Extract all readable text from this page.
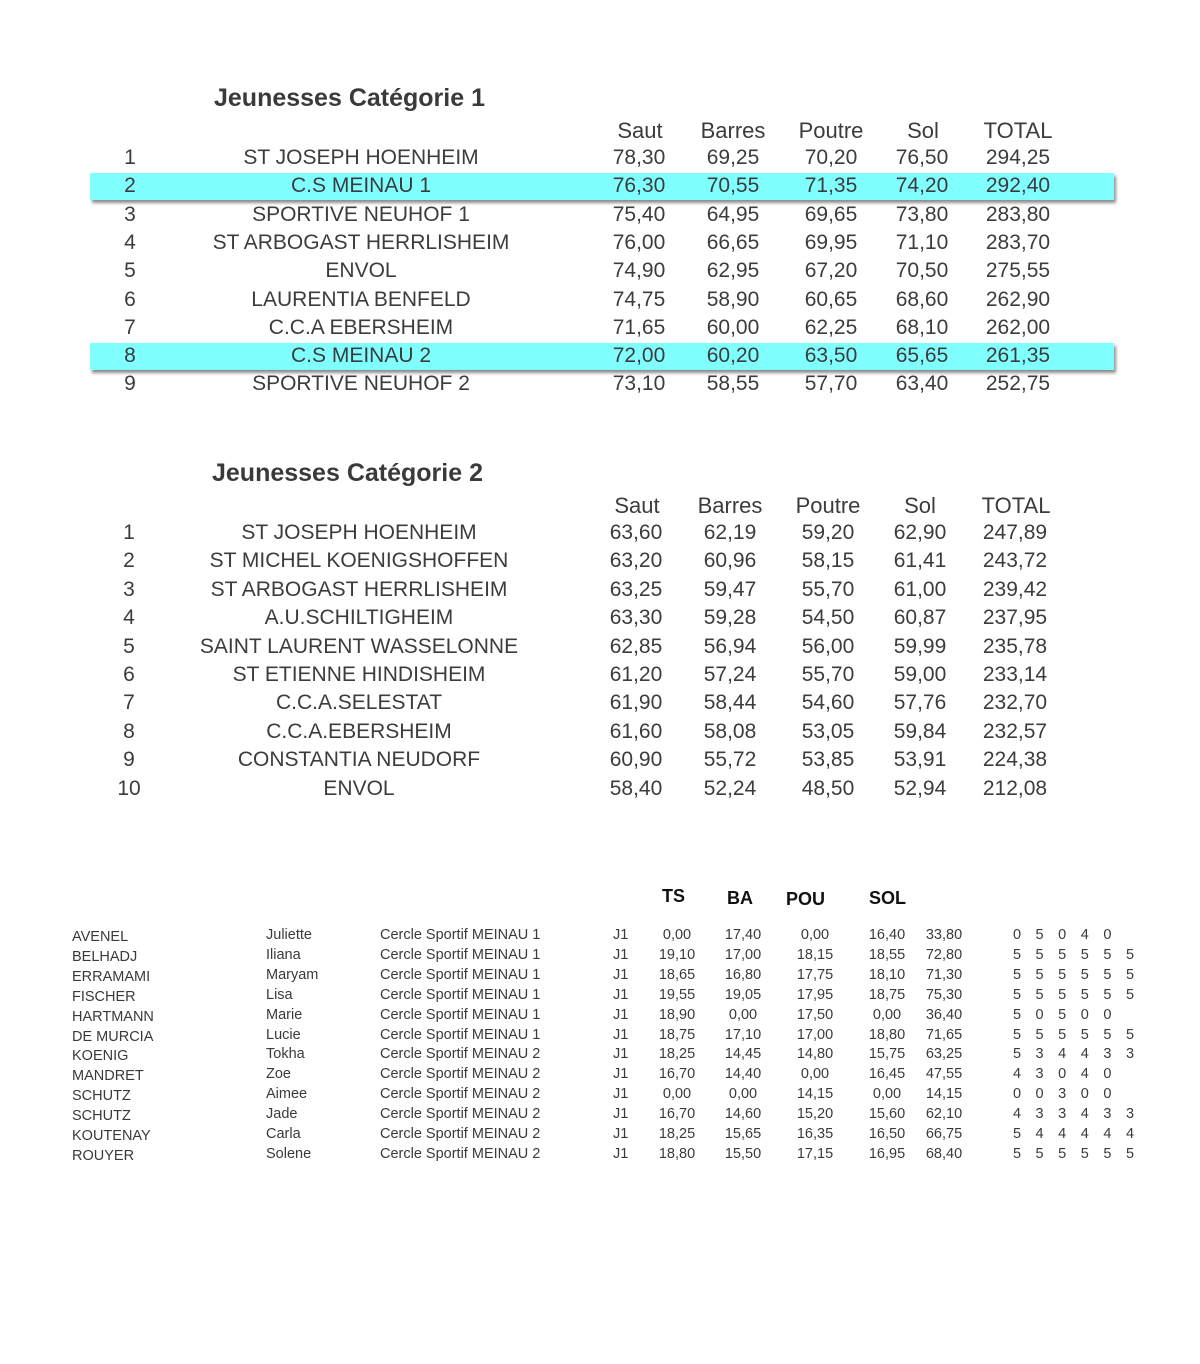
Jeunesses Catégorie 1
Saut	Barres	Poutre	Sol	TOTAL
1	ST JOSEPH HOENHEIM	78,30	69,25	70,20	76,50	294,25
2	C.S MEINAU 1	76,30	70,55	71,35	74,20	292,40
3	SPORTIVE NEUHOF 1	75,40	64,95	69,65	73,80	283,80
4	ST ARBOGAST HERRLISHEIM	76,00	66,65	69,95	71,10	283,70
5	ENVOL	74,90	62,95	67,20	70,50	275,55
6	LAURENTIA BENFELD	74,75	58,90	60,65	68,60	262,90
7	C.C.A EBERSHEIM	71,65	60,00	62,25	68,10	262,00
8	C.S MEINAU 2	72,00	60,20	63,50	65,65	261,35
9	SPORTIVE NEUHOF 2	73,10	58,55	57,70	63,40	252,75
Jeunesses Catégorie 2
Saut	Barres	Poutre	Sol	TOTAL
1	ST JOSEPH HOENHEIM	63,60	62,19	59,20	62,90	247,89
2	ST MICHEL KOENIGSHOFFEN	63,20	60,96	58,15	61,41	243,72
3	ST ARBOGAST HERRLISHEIM	63,25	59,47	55,70	61,00	239,42
4	A.U.SCHILTIGHEIM	63,30	59,28	54,50	60,87	237,95
5	SAINT LAURENT WASSELONNE	62,85	56,94	56,00	59,99	235,78
6	ST ETIENNE HINDISHEIM	61,20	57,24	55,70	59,00	233,14
7	C.C.A.SELESTAT	61,90	58,44	54,60	57,76	232,70
8	C.C.A.EBERSHEIM	61,60	58,08	53,05	59,84	232,57
9	CONSTANTIA NEUDORF	60,90	55,72	53,85	53,91	224,38
10	ENVOL	58,40	52,24	48,50	52,94	212,08
TS BA POU SOL
AVENEL	Juliette	Cercle Sportif MEINAU 1	J1	0,00	17,40	0,00	16,40	33,80	0 5 0 4 0
BELHADJ	Iliana	Cercle Sportif MEINAU 1	J1	19,10	17,00	18,15	18,55	72,80	5 5 5 5 5 5
ERRAMAMI	Maryam	Cercle Sportif MEINAU 1	J1	18,65	16,80	17,75	18,10	71,30	5 5 5 5 5 5
FISCHER	Lisa	Cercle Sportif MEINAU 1	J1	19,55	19,05	17,95	18,75	75,30	5 5 5 5 5 5
HARTMANN	Marie	Cercle Sportif MEINAU 1	J1	18,90	0,00	17,50	0,00	36,40	5 0 5 0 0
DE MURCIA	Lucie	Cercle Sportif MEINAU 1	J1	18,75	17,10	17,00	18,80	71,65	5 5 5 5 5 5
KOENIG	Tokha	Cercle Sportif MEINAU 2	J1	18,25	14,45	14,80	15,75	63,25	5 3 4 4 3 3
MANDRET	Zoe	Cercle Sportif MEINAU 2	J1	16,70	14,40	0,00	16,45	47,55	4 3 0 4 0
SCHUTZ	Aimee	Cercle Sportif MEINAU 2	J1	0,00	0,00	14,15	0,00	14,15	0 0 3 0 0
SCHUTZ	Jade	Cercle Sportif MEINAU 2	J1	16,70	14,60	15,20	15,60	62,10	4 3 3 4 3 3
KOUTENAY	Carla	Cercle Sportif MEINAU 2	J1	18,25	15,65	16,35	16,50	66,75	5 4 4 4 4 4
ROUYER	Solene	Cercle Sportif MEINAU 2	J1	18,80	15,50	17,15	16,95	68,40	5 5 5 5 5 5
